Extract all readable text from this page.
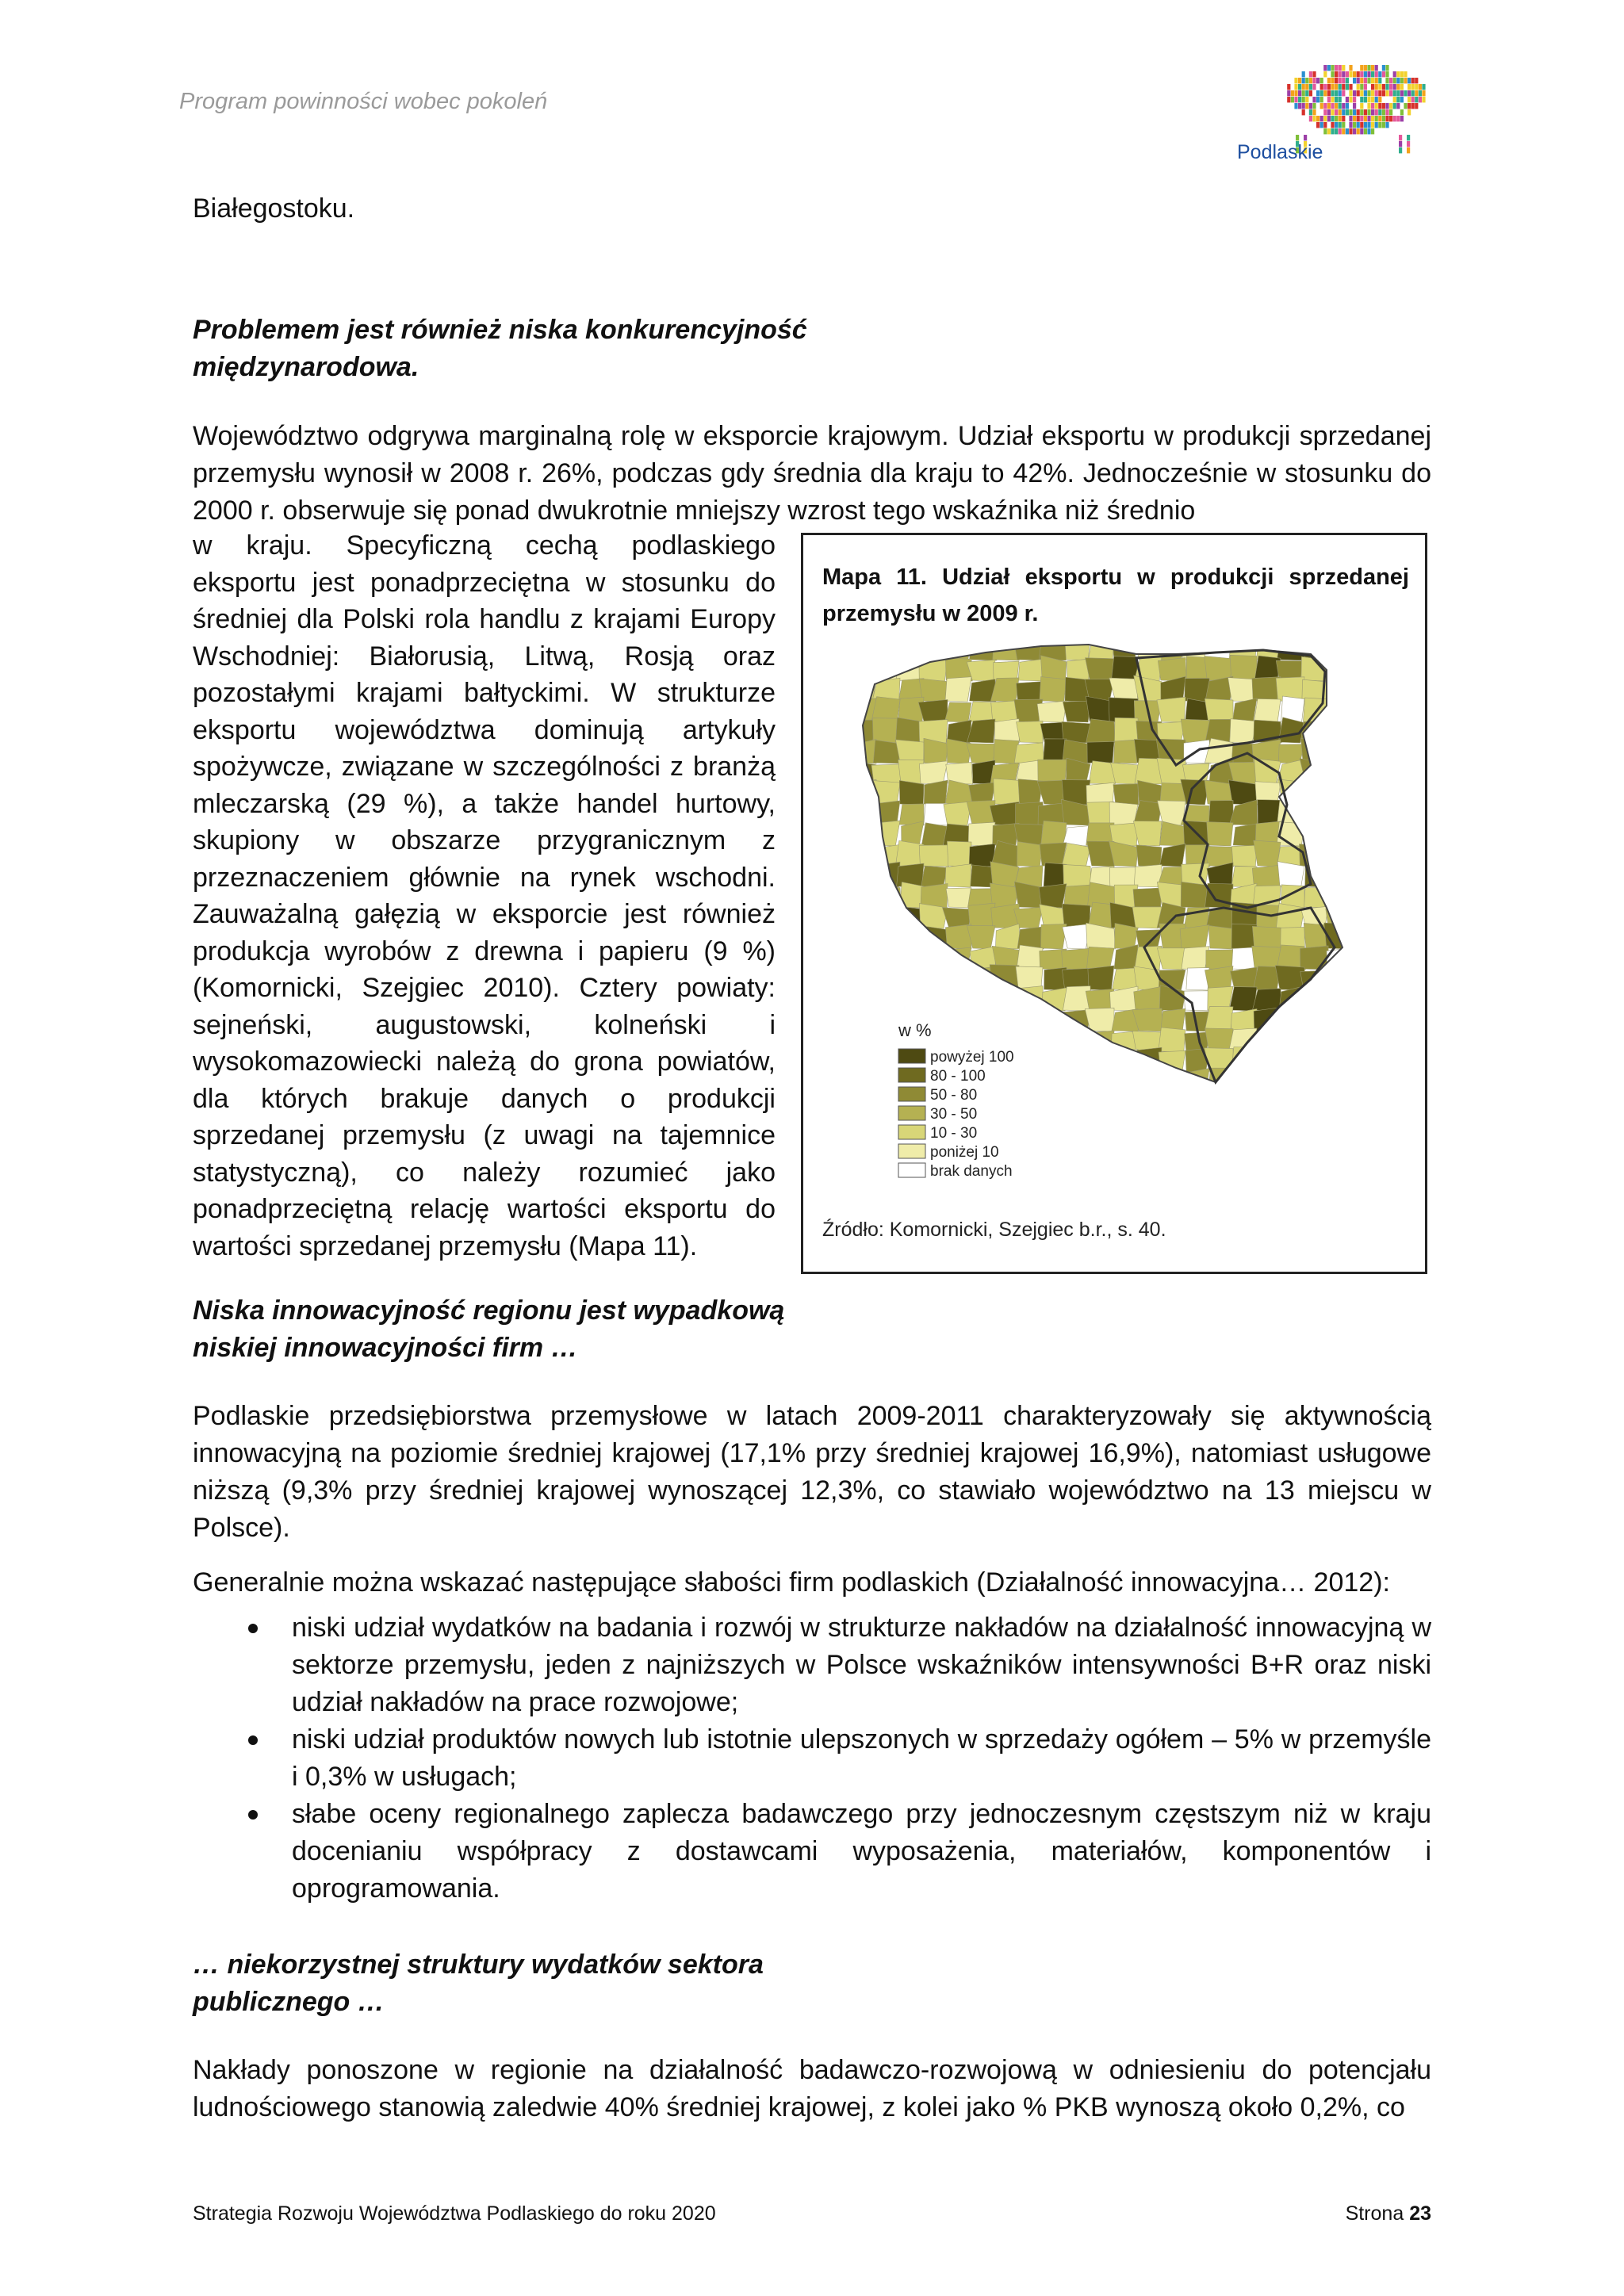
Program powinności wobec pokoleń
Podlaskie

Białegostoku.

Problemem jest również niska konkurencyjność międzynarodowa.

Województwo odgrywa marginalną rolę w eksporcie krajowym. Udział eksportu w produkcji sprzedanej przemysłu wynosił w 2008 r. 26%, podczas gdy średnia dla kraju to 42%. Jednocześnie w stosunku do 2000 r. obserwuje się ponad dwukrotnie mniejszy wzrost tego wskaźnika niż średnio

w kraju. Specyficzną cechą podlaskiego eksportu jest ponadprzeciętna w stosunku do średniej dla Polski rola handlu z krajami Europy Wschodniej: Białorusią, Litwą, Rosją oraz pozostałymi krajami bałtyckimi. W strukturze eksportu województwa dominują artykuły spożywcze, związane w szczególności z branżą mleczarską (29 %), a także handel hurtowy, skupiony w obszarze przygranicznym z przeznaczeniem głównie na rynek wschodni. Zauważalną gałęzią w eksporcie jest również produkcja wyrobów z drewna i papieru (9 %) (Komornicki, Szejgiec 2010). Cztery powiaty: sejneński, augustowski, kolneński i wysokomazowiecki należą do grona powiatów, dla których brakuje danych o produkcji sprzedanej przemysłu (z uwagi na tajemnice statystyczną), co należy rozumieć jako ponadprzeciętną relację wartości eksportu do wartości sprzedanej przemysłu (Mapa 11).
Mapa 11. Udział eksportu w produkcji sprzedanej przemysłu w 2009 r.
w %
powyżej 100
80 - 100
50 - 80
30 - 50
10 - 30
poniżej 10
brak danych
Źródło: Komornicki, Szejgiec b.r., s. 40.
Niska innowacyjność regionu jest wypadkową niskiej innowacyjności firm …

Podlaskie przedsiębiorstwa przemysłowe w latach 2009-2011 charakteryzowały się aktywnością innowacyjną na poziomie średniej krajowej (17,1% przy średniej krajowej 16,9%), natomiast usługowe niższą (9,3% przy średniej krajowej wynoszącej 12,3%, co stawiało województwo na 13 miejscu w Polsce).

Generalnie można wskazać następujące słabości firm podlaskich (Działalność innowacyjna… 2012):

niski udział wydatków na badania i rozwój w strukturze nakładów na działalność innowacyjną w sektorze przemysłu, jeden z najniższych w Polsce wskaźników intensywności B+R oraz niski udział nakładów na prace rozwojowe;
niski udział produktów nowych lub istotnie ulepszonych w sprzedaży ogółem – 5% w przemyśle i 0,3% w usługach;
słabe oceny regionalnego zaplecza badawczego przy jednoczesnym częstszym niż w kraju docenianiu współpracy z dostawcami wyposażenia, materiałów, komponentów i oprogramowania.
… niekorzystnej struktury wydatków sektora publicznego …

Nakłady ponoszone w regionie na działalność badawczo-rozwojową w odniesieniu do potencjału ludnościowego stanowią zaledwie 40% średniej krajowej, z kolei jako % PKB wynoszą około 0,2%, co

Strategia Rozwoju Województwa Podlaskiego do roku 2020	Strona 23
